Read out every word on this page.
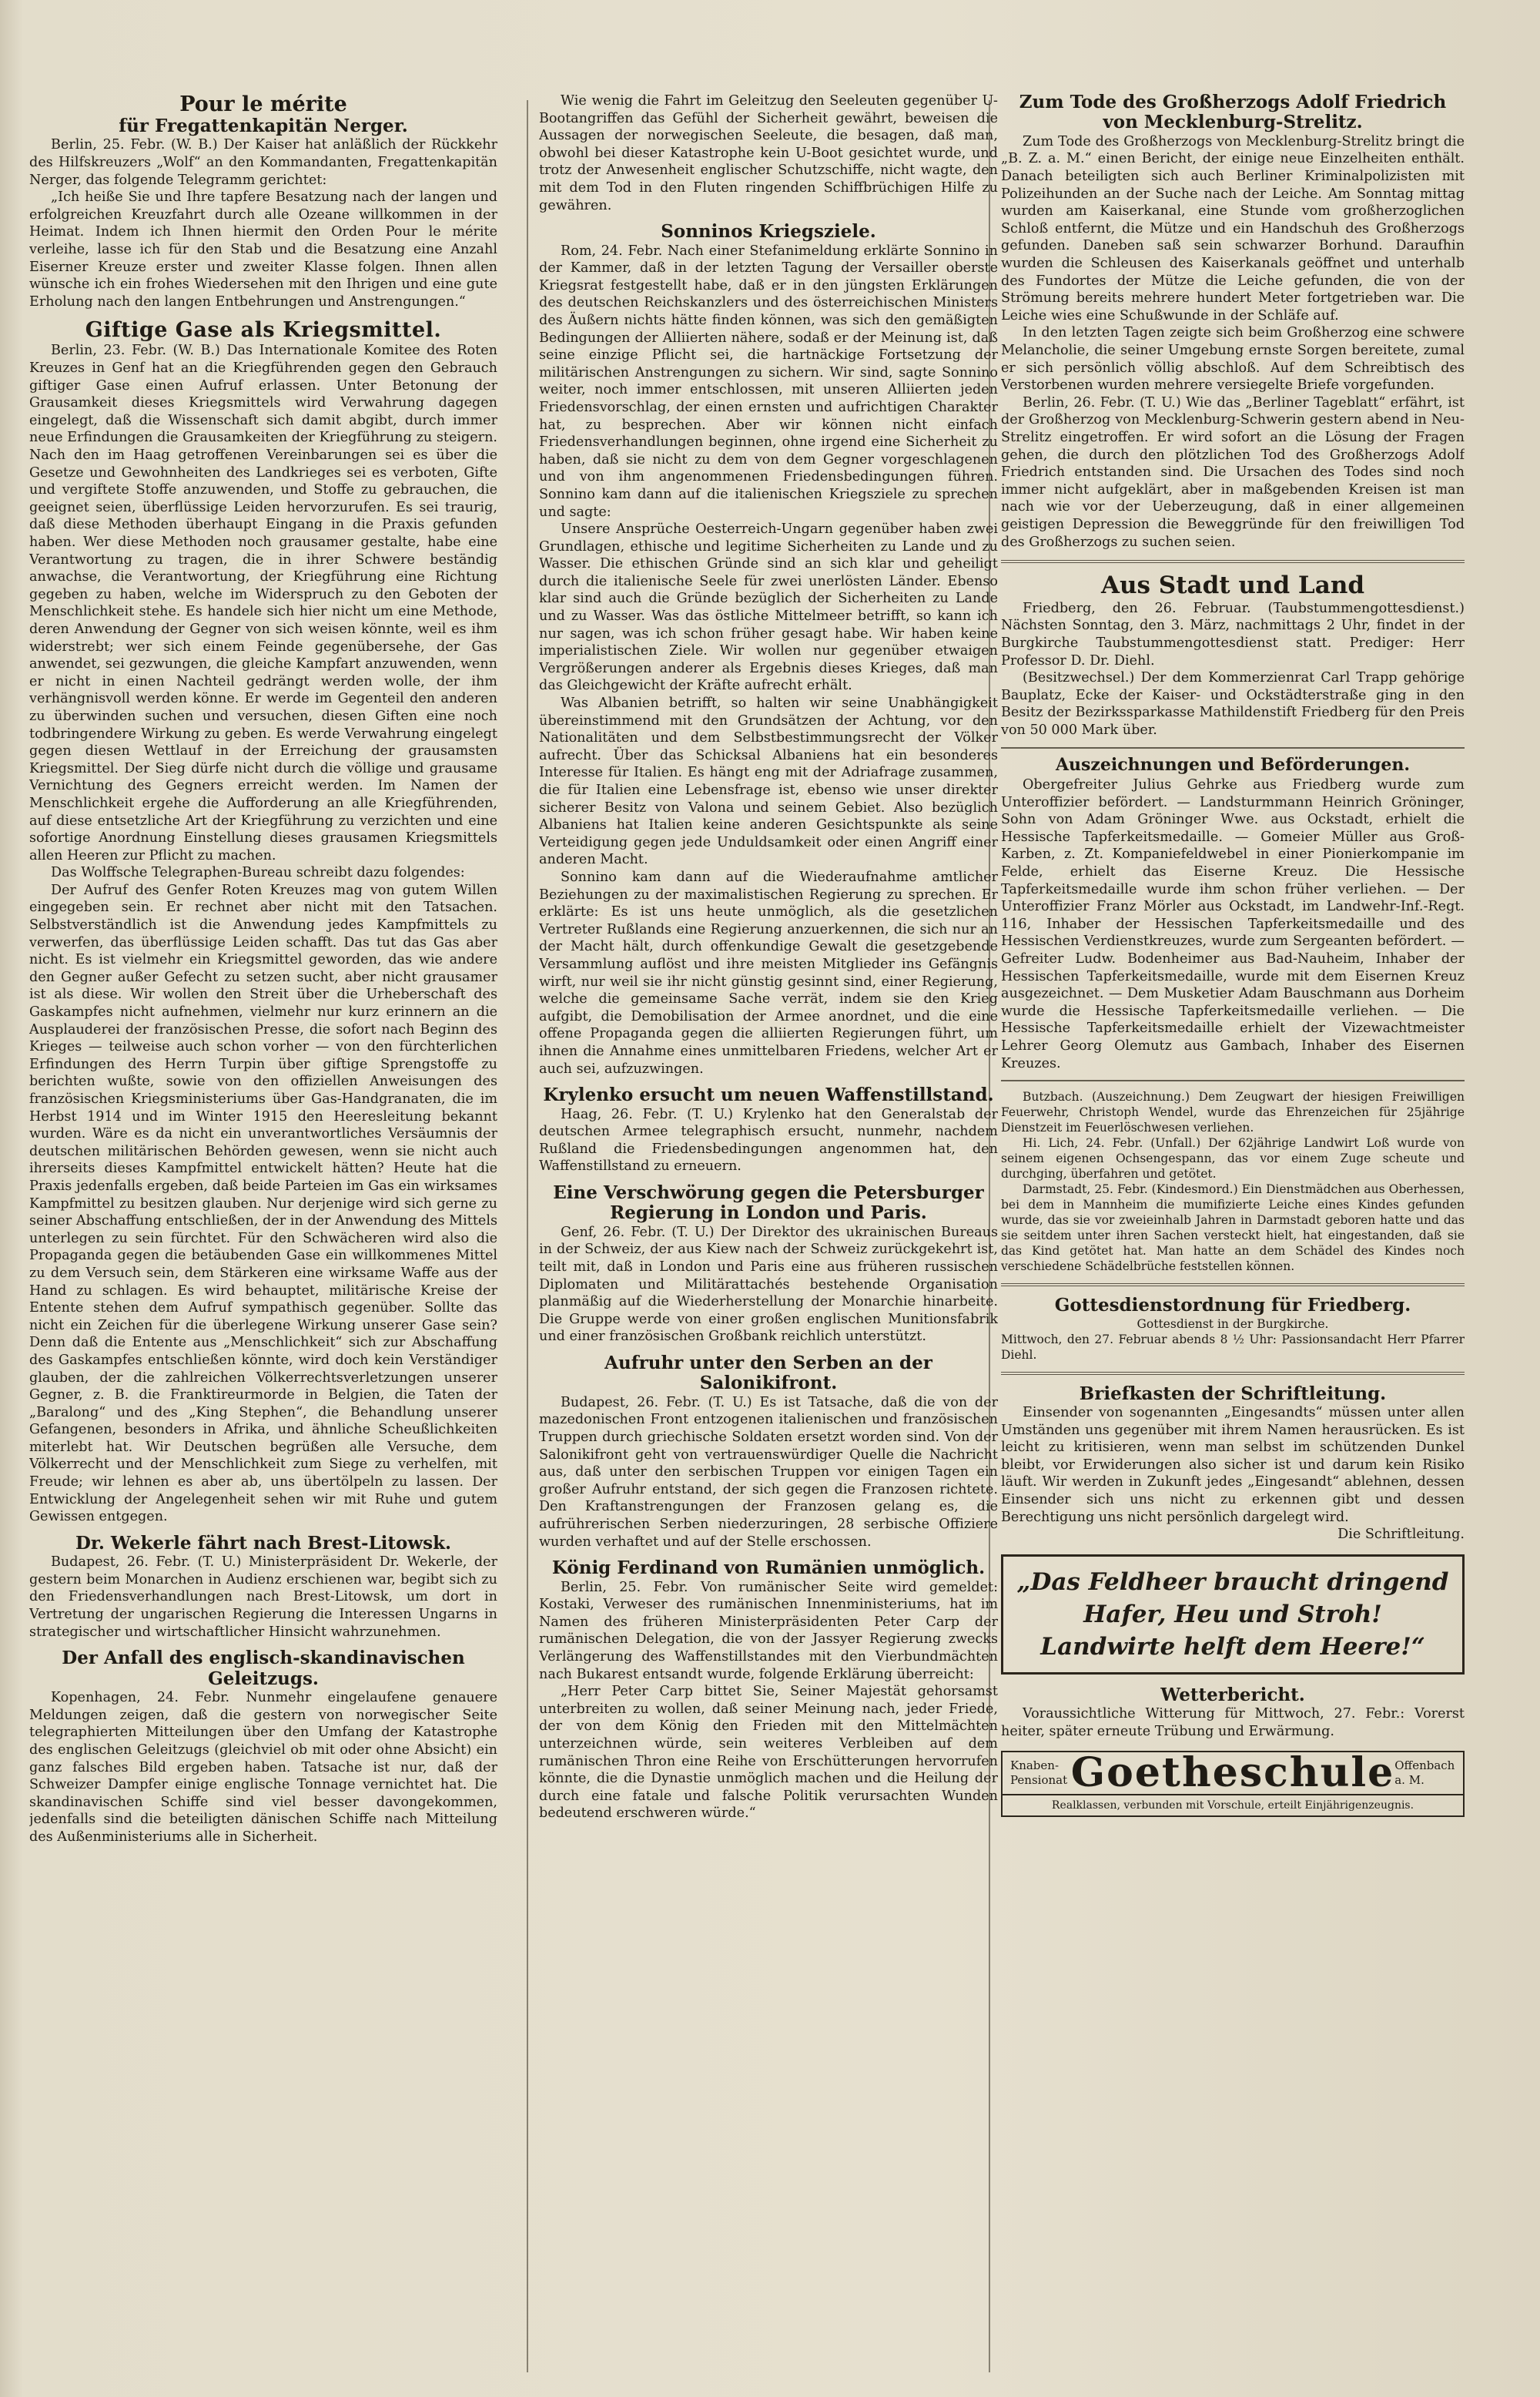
Pour le mérite
für Fregattenkapitän Nerger.

Berlin, 25. Febr. (W. B.) Der Kaiser hat anläßlich der Rückkehr des Hilfskreuzers „Wolf“ an den Kommandanten, Fregattenkapitän Nerger, das folgende Telegramm gerichtet:

„Ich heiße Sie und Ihre tapfere Besatzung nach der langen und erfolgreichen Kreuzfahrt durch alle Ozeane willkommen in der Heimat. Indem ich Ihnen hiermit den Orden Pour le mérite verleihe, lasse ich für den Stab und die Besatzung eine Anzahl Eiserner Kreuze erster und zweiter Klasse folgen. Ihnen allen wünsche ich ein frohes Wiedersehen mit den Ihrigen und eine gute Erholung nach den langen Entbehrungen und Anstrengungen.“

Giftige Gase als Kriegsmittel.

Berlin, 23. Febr. (W. B.) Das Internationale Komitee des Roten Kreuzes in Genf hat an die Kriegführenden gegen den Gebrauch giftiger Gase einen Aufruf erlassen. Unter Betonung der Grausamkeit dieses Kriegsmittels wird Verwahrung dagegen eingelegt, daß die Wissenschaft sich damit abgibt, durch immer neue Erfindungen die Grausamkeiten der Kriegführung zu steigern. Nach den im Haag getroffenen Vereinbarungen sei es über die Gesetze und Gewohnheiten des Landkrieges sei es verboten, Gifte und vergiftete Stoffe anzuwenden, und Stoffe zu gebrauchen, die geeignet seien, überflüssige Leiden hervorzurufen. Es sei traurig, daß diese Methoden überhaupt Eingang in die Praxis gefunden haben. Wer diese Methoden noch grausamer gestalte, habe eine Verantwortung zu tragen, die in ihrer Schwere beständig anwachse, die Verantwortung, der Kriegführung eine Richtung gegeben zu haben, welche im Widerspruch zu den Geboten der Menschlichkeit stehe. Es handele sich hier nicht um eine Methode, deren Anwendung der Gegner von sich weisen könnte, weil es ihm widerstrebt; wer sich einem Feinde gegenübersehe, der Gas anwendet, sei gezwungen, die gleiche Kampfart anzuwenden, wenn er nicht in einen Nachteil gedrängt werden wolle, der ihm verhängnisvoll werden könne. Er werde im Gegenteil den anderen zu überwinden suchen und versuchen, diesen Giften eine noch todbringendere Wirkung zu geben. Es werde Verwahrung eingelegt gegen diesen Wettlauf in der Erreichung der grausamsten Kriegsmittel. Der Sieg dürfe nicht durch die völlige und grausame Vernichtung des Gegners erreicht werden. Im Namen der Menschlichkeit ergehe die Aufforderung an alle Kriegführenden, auf diese entsetzliche Art der Kriegführung zu verzichten und eine sofortige Anordnung Einstellung dieses grausamen Kriegsmittels allen Heeren zur Pflicht zu machen.

Das Wolffsche Telegraphen-Bureau schreibt dazu folgendes:

Der Aufruf des Genfer Roten Kreuzes mag von gutem Willen eingegeben sein. Er rechnet aber nicht mit den Tatsachen. Selbstverständlich ist die Anwendung jedes Kampfmittels zu verwerfen, das überflüssige Leiden schafft. Das tut das Gas aber nicht. Es ist vielmehr ein Kriegsmittel geworden, das wie andere den Gegner außer Gefecht zu setzen sucht, aber nicht grausamer ist als diese. Wir wollen den Streit über die Urheberschaft des Gaskampfes nicht aufnehmen, vielmehr nur kurz erinnern an die Ausplauderei der französischen Presse, die sofort nach Beginn des Krieges — teilweise auch schon vorher — von den fürchterlichen Erfindungen des Herrn Turpin über giftige Sprengstoffe zu berichten wußte, sowie von den offiziellen Anweisungen des französischen Kriegsministeriums über Gas-Handgranaten, die im Herbst 1914 und im Winter 1915 den Heeresleitung bekannt wurden. Wäre es da nicht ein unverantwortliches Versäumnis der deutschen militärischen Behörden gewesen, wenn sie nicht auch ihrerseits dieses Kampfmittel entwickelt hätten? Heute hat die Praxis jedenfalls ergeben, daß beide Parteien im Gas ein wirksames Kampfmittel zu besitzen glauben. Nur derjenige wird sich gerne zu seiner Abschaffung entschließen, der in der Anwendung des Mittels unterlegen zu sein fürchtet. Für den Schwächeren wird also die Propaganda gegen die betäubenden Gase ein willkommenes Mittel zu dem Versuch sein, dem Stärkeren eine wirksame Waffe aus der Hand zu schlagen. Es wird behauptet, militärische Kreise der Entente stehen dem Aufruf sympathisch gegenüber. Sollte das nicht ein Zeichen für die überlegene Wirkung unserer Gase sein? Denn daß die Entente aus „Menschlichkeit“ sich zur Abschaffung des Gaskampfes entschließen könnte, wird doch kein Verständiger glauben, der die zahlreichen Völkerrechtsverletzungen unserer Gegner, z. B. die Franktireurmorde in Belgien, die Taten der „Baralong“ und des „King Stephen“, die Behandlung unserer Gefangenen, besonders in Afrika, und ähnliche Scheußlichkeiten miterlebt hat. Wir Deutschen begrüßen alle Versuche, dem Völkerrecht und der Menschlichkeit zum Siege zu verhelfen, mit Freude; wir lehnen es aber ab, uns übertölpeln zu lassen. Der Entwicklung der Angelegenheit sehen wir mit Ruhe und gutem Gewissen entgegen.

Dr. Wekerle fährt nach Brest-Litowsk.

Budapest, 26. Febr. (T. U.) Ministerpräsident Dr. Wekerle, der gestern beim Monarchen in Audienz erschienen war, begibt sich zu den Friedensverhandlungen nach Brest-Litowsk, um dort in Vertretung der ungarischen Regierung die Interessen Ungarns in strategischer und wirtschaftlicher Hinsicht wahrzunehmen.

Der Anfall des englisch-skandinavischen Geleitzugs.

Kopenhagen, 24. Febr. Nunmehr eingelaufene genauere Meldungen zeigen, daß die gestern von norwegischer Seite telegraphierten Mitteilungen über den Umfang der Katastrophe des englischen Geleitzugs (gleichviel ob mit oder ohne Absicht) ein ganz falsches Bild ergeben haben. Tatsache ist nur, daß der Schweizer Dampfer einige englische Tonnage vernichtet hat. Die skandinavischen Schiffe sind viel besser davongekommen, jedenfalls sind die beteiligten dänischen Schiffe nach Mitteilung des Außenministeriums alle in Sicherheit.

Wie wenig die Fahrt im Geleitzug den Seeleuten gegenüber U-Bootangriffen das Gefühl der Sicherheit gewährt, beweisen die Aussagen der norwegischen Seeleute, die besagen, daß man, obwohl bei dieser Katastrophe kein U-Boot gesichtet wurde, und trotz der Anwesenheit englischer Schutzschiffe, nicht wagte, den mit dem Tod in den Fluten ringenden Schiffbrüchigen Hilfe zu gewähren.

Sonninos Kriegsziele.

Rom, 24. Febr. Nach einer Stefanimeldung erklärte Sonnino in der Kammer, daß in der letzten Tagung der Versailler oberste Kriegsrat festgestellt habe, daß er in den jüngsten Erklärungen des deutschen Reichskanzlers und des österreichischen Ministers des Äußern nichts hätte finden können, was sich den gemäßigten Bedingungen der Alliierten nähere, sodaß er der Meinung ist, daß seine einzige Pflicht sei, die hartnäckige Fortsetzung der militärischen Anstrengungen zu sichern. Wir sind, sagte Sonnino weiter, noch immer entschlossen, mit unseren Alliierten jeden Friedensvorschlag, der einen ernsten und aufrichtigen Charakter hat, zu besprechen. Aber wir können nicht einfach Friedensverhandlungen beginnen, ohne irgend eine Sicherheit zu haben, daß sie nicht zu dem von dem Gegner vorgeschlagenen und von ihm angenommenen Friedensbedingungen führen. Sonnino kam dann auf die italienischen Kriegsziele zu sprechen und sagte:

Unsere Ansprüche Oesterreich-Ungarn gegenüber haben zwei Grundlagen, ethische und legitime Sicherheiten zu Lande und zu Wasser. Die ethischen Gründe sind an sich klar und geheiligt durch die italienische Seele für zwei unerlösten Länder. Ebenso klar sind auch die Gründe bezüglich der Sicherheiten zu Lande und zu Wasser. Was das östliche Mittelmeer betrifft, so kann ich nur sagen, was ich schon früher gesagt habe. Wir haben keine imperialistischen Ziele. Wir wollen nur gegenüber etwaigen Vergrößerungen anderer als Ergebnis dieses Krieges, daß man das Gleichgewicht der Kräfte aufrecht erhält.

Was Albanien betrifft, so halten wir seine Unabhängigkeit übereinstimmend mit den Grundsätzen der Achtung, vor den Nationalitäten und dem Selbstbestimmungsrecht der Völker aufrecht. Über das Schicksal Albaniens hat ein besonderes Interesse für Italien. Es hängt eng mit der Adriafrage zusammen, die für Italien eine Lebensfrage ist, ebenso wie unser direkter sicherer Besitz von Valona und seinem Gebiet. Also bezüglich Albaniens hat Italien keine anderen Gesichtspunkte als seine Verteidigung gegen jede Unduldsamkeit oder einen Angriff einer anderen Macht.

Sonnino kam dann auf die Wiederaufnahme amtlicher Beziehungen zu der maximalistischen Regierung zu sprechen. Er erklärte: Es ist uns heute unmöglich, als die gesetzlichen Vertreter Rußlands eine Regierung anzuerkennen, die sich nur an der Macht hält, durch offenkundige Gewalt die gesetzgebende Versammlung auflöst und ihre meisten Mitglieder ins Gefängnis wirft, nur weil sie ihr nicht günstig gesinnt sind, einer Regierung, welche die gemeinsame Sache verrät, indem sie den Krieg aufgibt, die Demobilisation der Armee anordnet, und die eine offene Propaganda gegen die alliierten Regierungen führt, um ihnen die Annahme eines unmittelbaren Friedens, welcher Art er auch sei, aufzuzwingen.

Krylenko ersucht um neuen Waffenstillstand.

Haag, 26. Febr. (T. U.) Krylenko hat den Generalstab der deutschen Armee telegraphisch ersucht, nunmehr, nachdem Rußland die Friedensbedingungen angenommen hat, den Waffenstillstand zu erneuern.

Eine Verschwörung gegen die Petersburger Regierung in London und Paris.

Genf, 26. Febr. (T. U.) Der Direktor des ukrainischen Bureaus in der Schweiz, der aus Kiew nach der Schweiz zurückgekehrt ist, teilt mit, daß in London und Paris eine aus früheren russischen Diplomaten und Militärattachés bestehende Organisation planmäßig auf die Wiederherstellung der Monarchie hinarbeite. Die Gruppe werde von einer großen englischen Munitionsfabrik und einer französischen Großbank reichlich unterstützt.

Aufruhr unter den Serben an der Salonikifront.

Budapest, 26. Febr. (T. U.) Es ist Tatsache, daß die von der mazedonischen Front entzogenen italienischen und französischen Truppen durch griechische Soldaten ersetzt worden sind. Von der Salonikifront geht von vertrauenswürdiger Quelle die Nachricht aus, daß unter den serbischen Truppen vor einigen Tagen ein großer Aufruhr entstand, der sich gegen die Franzosen richtete. Den Kraftanstrengungen der Franzosen gelang es, die aufrührerischen Serben niederzuringen, 28 serbische Offiziere wurden verhaftet und auf der Stelle erschossen.

König Ferdinand von Rumänien unmöglich.

Berlin, 25. Febr. Von rumänischer Seite wird gemeldet: Kostaki, Verweser des rumänischen Innenministeriums, hat im Namen des früheren Ministerpräsidenten Peter Carp der rumänischen Delegation, die von der Jassyer Regierung zwecks Verlängerung des Waffenstillstandes mit den Vierbundmächten nach Bukarest entsandt wurde, folgende Erklärung überreicht:

„Herr Peter Carp bittet Sie, Seiner Majestät gehorsamst unterbreiten zu wollen, daß seiner Meinung nach, jeder Friede, der von dem König den Frieden mit den Mittelmächten unterzeichnen würde, sein weiteres Verbleiben auf dem rumänischen Thron eine Reihe von Erschütterungen hervorrufen könnte, die die Dynastie unmöglich machen und die Heilung der durch eine fatale und falsche Politik verursachten Wunden bedeutend erschweren würde.“

Zum Tode des Großherzogs Adolf Friedrich von Mecklenburg-Strelitz.

Zum Tode des Großherzogs von Mecklenburg-Strelitz bringt die „B. Z. a. M.“ einen Bericht, der einige neue Einzelheiten enthält. Danach beteiligten sich auch Berliner Kriminalpolizisten mit Polizeihunden an der Suche nach der Leiche. Am Sonntag mittag wurden am Kaiserkanal, eine Stunde vom großherzoglichen Schloß entfernt, die Mütze und ein Handschuh des Großherzogs gefunden. Daneben saß sein schwarzer Borhund. Daraufhin wurden die Schleusen des Kaiserkanals geöffnet und unterhalb des Fundortes der Mütze die Leiche gefunden, die von der Strömung bereits mehrere hundert Meter fortgetrieben war. Die Leiche wies eine Schußwunde in der Schläfe auf.

In den letzten Tagen zeigte sich beim Großherzog eine schwere Melancholie, die seiner Umgebung ernste Sorgen bereitete, zumal er sich persönlich völlig abschloß. Auf dem Schreibtisch des Verstorbenen wurden mehrere versiegelte Briefe vorgefunden.

Berlin, 26. Febr. (T. U.) Wie das „Berliner Tageblatt“ erfährt, ist der Großherzog von Mecklenburg-Schwerin gestern abend in Neu-Strelitz eingetroffen. Er wird sofort an die Lösung der Fragen gehen, die durch den plötzlichen Tod des Großherzogs Adolf Friedrich entstanden sind. Die Ursachen des Todes sind noch immer nicht aufgeklärt, aber in maßgebenden Kreisen ist man nach wie vor der Ueberzeugung, daß in einer allgemeinen geistigen Depression die Beweggründe für den freiwilligen Tod des Großherzogs zu suchen seien.

Aus Stadt und Land

Friedberg, den 26. Februar. (Taubstummengottesdienst.) Nächsten Sonntag, den 3. März, nachmittags 2 Uhr, findet in der Burgkirche Taubstummengottesdienst statt. Prediger: Herr Professor D. Dr. Diehl.

(Besitzwechsel.) Der dem Kommerzienrat Carl Trapp gehörige Bauplatz, Ecke der Kaiser- und Ockstädterstraße ging in den Besitz der Bezirkssparkasse Mathildenstift Friedberg für den Preis von 50 000 Mark über.

Auszeichnungen und Beförderungen.

Obergefreiter Julius Gehrke aus Friedberg wurde zum Unteroffizier befördert. — Landsturmmann Heinrich Gröninger, Sohn von Adam Gröninger Wwe. aus Ockstadt, erhielt die Hessische Tapferkeitsmedaille. — Gomeier Müller aus Groß-Karben, z. Zt. Kompaniefeldwebel in einer Pionierkompanie im Felde, erhielt das Eiserne Kreuz. Die Hessische Tapferkeitsmedaille wurde ihm schon früher verliehen. — Der Unteroffizier Franz Mörler aus Ockstadt, im Landwehr-Inf.-Regt. 116, Inhaber der Hessischen Tapferkeitsmedaille und des Hessischen Verdienstkreuzes, wurde zum Sergeanten befördert. — Gefreiter Ludw. Bodenheimer aus Bad-Nauheim, Inhaber der Hessischen Tapferkeitsmedaille, wurde mit dem Eisernen Kreuz ausgezeichnet. — Dem Musketier Adam Bauschmann aus Dorheim wurde die Hessische Tapferkeitsmedaille verliehen. — Die Hessische Tapferkeitsmedaille erhielt der Vizewachtmeister Lehrer Georg Olemutz aus Gambach, Inhaber des Eisernen Kreuzes.

Butzbach. (Auszeichnung.) Dem Zeugwart der hiesigen Freiwilligen Feuerwehr, Christoph Wendel, wurde das Ehrenzeichen für 25jährige Dienstzeit im Feuerlöschwesen verliehen.

Hi. Lich, 24. Febr. (Unfall.) Der 62jährige Landwirt Loß wurde von seinem eigenen Ochsengespann, das vor einem Zuge scheute und durchging, überfahren und getötet.

Darmstadt, 25. Febr. (Kindesmord.) Ein Dienstmädchen aus Oberhessen, bei dem in Mannheim die mumifizierte Leiche eines Kindes gefunden wurde, das sie vor zweieinhalb Jahren in Darmstadt geboren hatte und das sie seitdem unter ihren Sachen versteckt hielt, hat eingestanden, daß sie das Kind getötet hat. Man hatte an dem Schädel des Kindes noch verschiedene Schädelbrüche feststellen können.

Gottesdienstordnung für Friedberg.

Gottesdienst in der Burgkirche.

Mittwoch, den 27. Februar abends 8 ½ Uhr: Passionsandacht Herr Pfarrer Diehl.

Briefkasten der Schriftleitung.

Einsender von sogenannten „Eingesandts“ müssen unter allen Umständen uns gegenüber mit ihrem Namen herausrücken. Es ist leicht zu kritisieren, wenn man selbst im schützenden Dunkel bleibt, vor Erwiderungen also sicher ist und darum kein Risiko läuft. Wir werden in Zukunft jedes „Eingesandt“ ablehnen, dessen Einsender sich uns nicht zu erkennen gibt und dessen Berechtigung uns nicht persönlich dargelegt wird.

Die Schriftleitung.

„Das Feldheer braucht dringend
Hafer, Heu und Stroh!
Landwirte helft dem Heere!“
Wetterbericht.

Voraussichtliche Witterung für Mittwoch, 27. Febr.: Vorerst heiter, später erneute Trübung und Erwärmung.

Knaben-Pensionat Goetheschule Offenbach a. M.
Realklassen, verbunden mit Vorschule, erteilt Einjährigenzeugnis.
